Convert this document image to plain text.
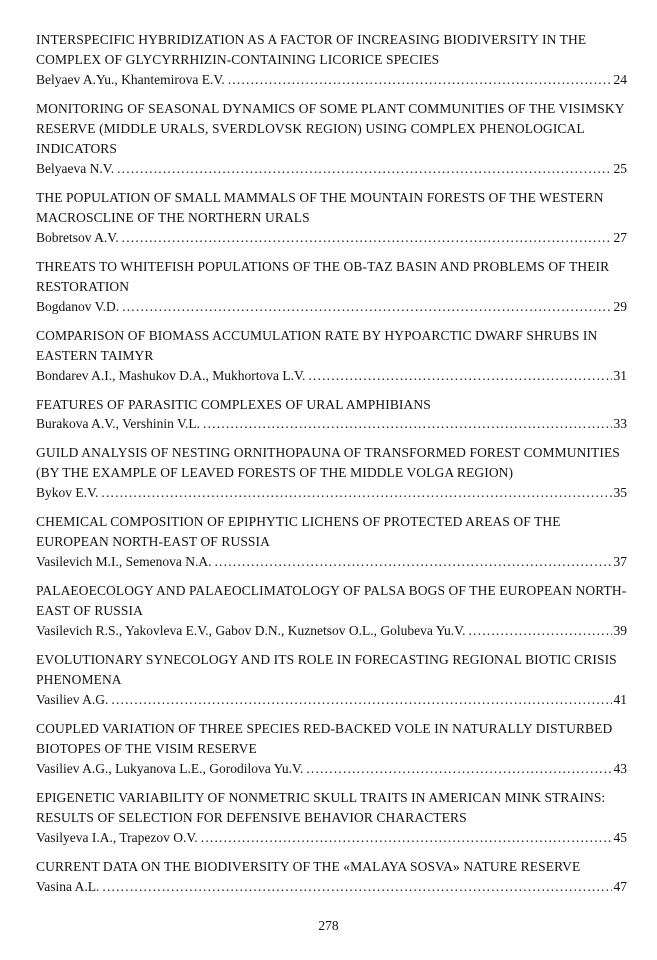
INTERSPECIFIC HYBRIDIZATION AS A FACTOR OF INCREASING BIODIVERSITY IN THE COMPLEX OF GLYCYRRHIZIN-CONTAINING LICORICE SPECIES
Belyaev A.Yu., Khantemirova E.V. .....	24
MONITORING OF SEASONAL DYNAMICS OF SOME PLANT COMMUNITIES OF THE VISIMSKY RESERVE (MIDDLE URALS, SVERDLOVSK REGION) USING COMPLEX PHENOLOGICAL INDICATORS
Belyaeva N.V. .....	25
THE POPULATION OF SMALL MAMMALS OF THE MOUNTAIN FORESTS OF THE WESTERN MACROSCLINE OF THE NORTHERN URALS
Bobretsov A.V. .....	27
THREATS TO WHITEFISH POPULATIONS OF THE OB-TAZ BASIN AND PROBLEMS OF THEIR RESTORATION
Bogdanov V.D. .....	29
COMPARISON OF BIOMASS ACCUMULATION RATE BY HYPOARCTIC DWARF SHRUBS IN EASTERN TAIMYR
Bondarev A.I., Mashukov D.A., Mukhortova L.V. .....	31
FEATURES OF PARASITIC COMPLEXES OF URAL AMPHIBIANS
Burakova A.V., Vershinin V.L. .....	33
GUILD ANALYSIS OF NESTING ORNITHOPAUNA OF TRANSFORMED FOREST COMMUNITIES (BY THE EXAMPLE OF LEAVED FORESTS OF THE MIDDLE VOLGA REGION)
Bykov E.V. .....	35
CHEMICAL COMPOSITION OF EPIPHYTIC LICHENS OF PROTECTED AREAS OF THE EUROPEAN NORTH-EAST OF RUSSIA
Vasilevich M.I., Semenova N.A. .....	37
PALAEOECOLOGY AND PALAEOCLIMATOLOGY OF PALSA BOGS OF THE EUROPEAN NORTH-EAST OF RUSSIA
Vasilevich R.S., Yakovleva E.V., Gabov D.N., Kuznetsov O.L., Golubeva Yu.V. .....	39
EVOLUTIONARY SYNECOLOGY AND ITS ROLE IN FORECASTING REGIONAL BIOTIC CRISIS PHENOMENA
Vasiliev A.G. .....	41
COUPLED VARIATION OF THREE SPECIES RED-BACKED VOLE IN NATURALLY DISTURBED BIOTOPES OF THE VISIM RESERVE
Vasiliev A.G., Lukyanova L.E., Gorodilova Yu.V. .....	43
EPIGENETIC VARIABILITY OF NONMETRIC SKULL TRAITS IN AMERICAN MINK STRAINS: RESULTS OF SELECTION FOR DEFENSIVE BEHAVIOR CHARACTERS
Vasilyeva I.A., Trapezov O.V. .....	45
CURRENT DATA ON THE BIODIVERSITY OF THE «MALAYA SOSVA» NATURE RESERVE
Vasina A.L. .....	47
278
